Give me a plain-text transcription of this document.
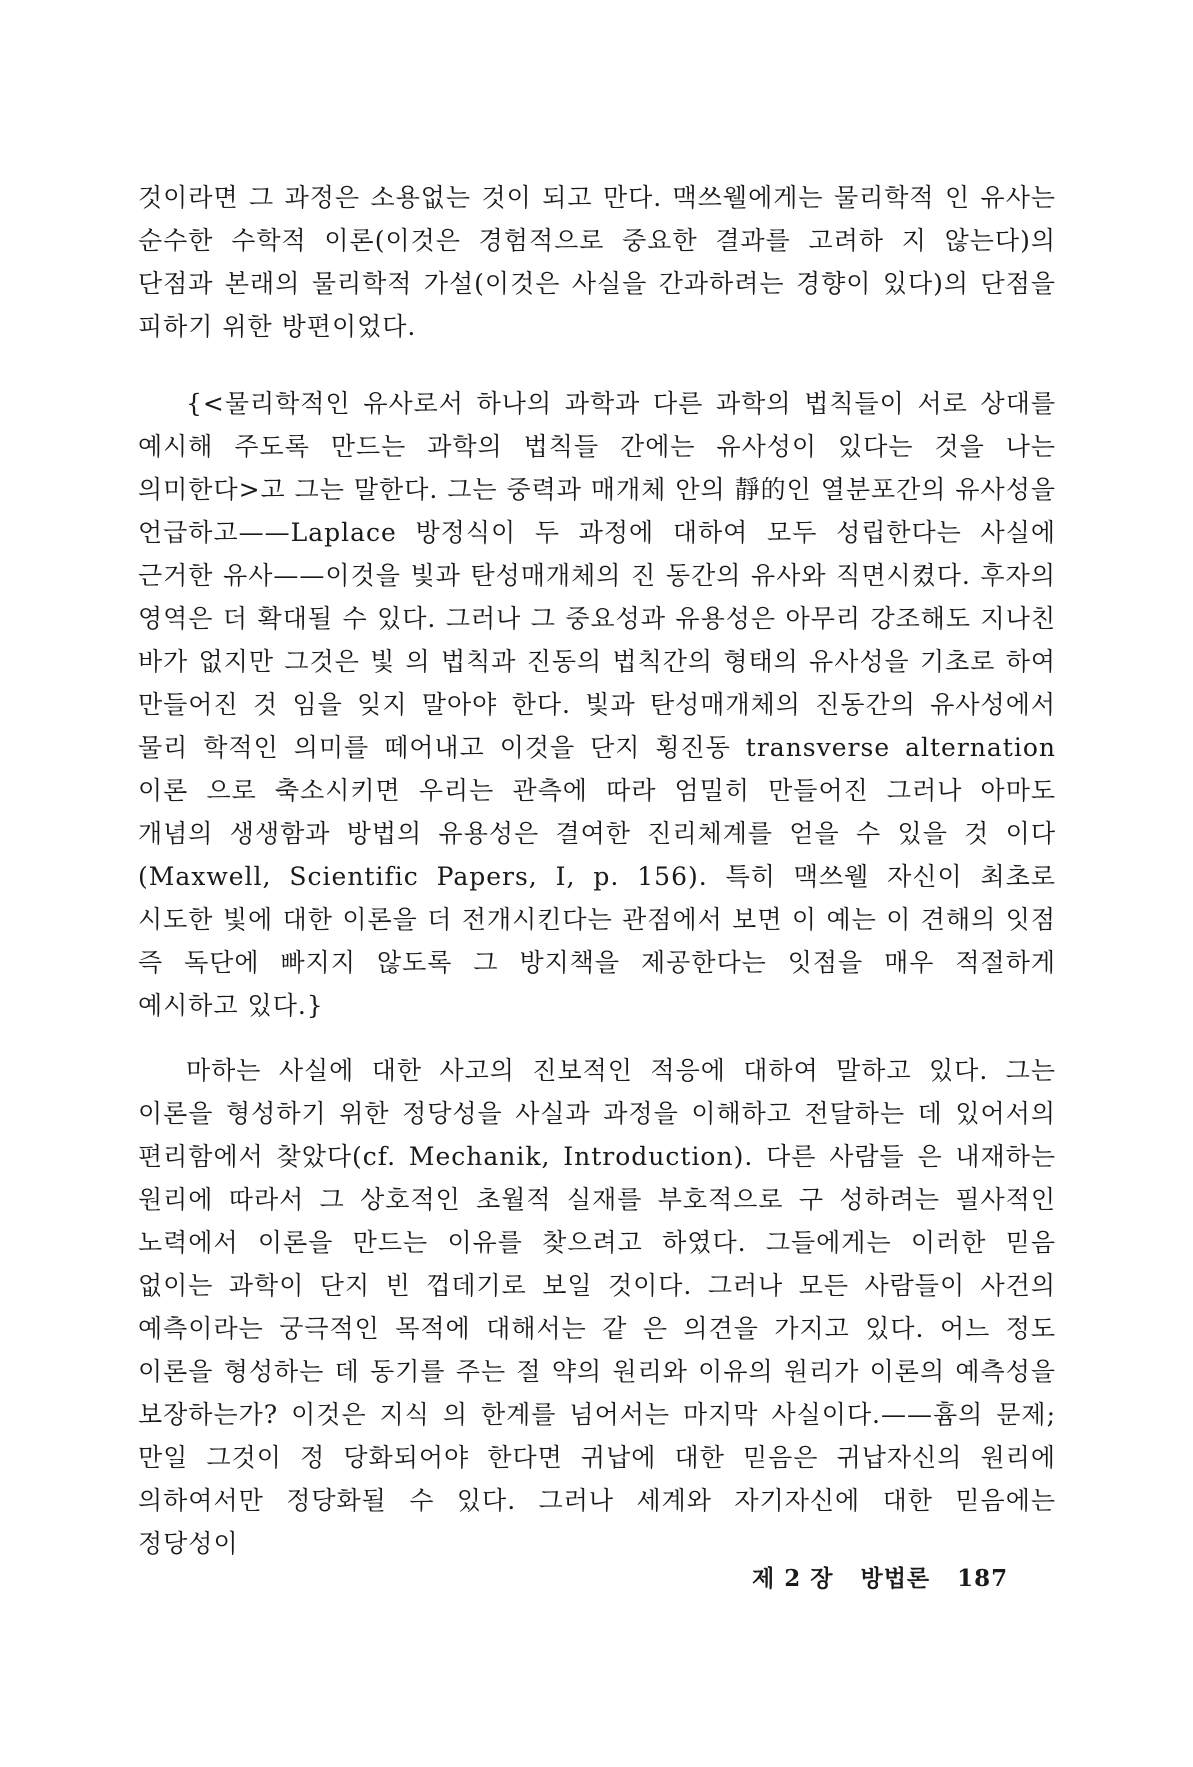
것이라면 그 과정은 소용없는 것이 되고 만다. 맥쓰웰에게는 물리학적 인 유사는 순수한 수학적 이론(이것은 경험적으로 중요한 결과를 고려하 지 않는다)의 단점과 본래의 물리학적 가설(이것은 사실을 간과하려는 경향이 있다)의 단점을 피하기 위한 방편이었다.

{<물리학적인 유사로서 하나의 과학과 다른 과학의 법칙들이 서로 상대를 예시해 주도록 만드는 과학의 법칙들 간에는 유사성이 있다는 것을 나는 의미한다>고 그는 말한다. 그는 중력과 매개체 안의 靜的인 열분포간의 유사성을 언급하고——Laplace 방정식이 두 과정에 대하여 모두 성립한다는 사실에 근거한 유사——이것을 빛과 탄성매개체의 진 동간의 유사와 직면시켰다. 후자의 영역은 더 확대될 수 있다. 그러나 그 중요성과 유용성은 아무리 강조해도 지나친 바가 없지만 그것은 빛 의 법칙과 진동의 법칙간의 형태의 유사성을 기초로 하여 만들어진 것 임을 잊지 말아야 한다. 빛과 탄성매개체의 진동간의 유사성에서 물리 학적인 의미를 떼어내고 이것을 단지 횡진동 transverse alternation 이론 으로 축소시키면 우리는 관측에 따라 엄밀히 만들어진 그러나 아마도 개념의 생생함과 방법의 유용성은 결여한 진리체계를 얻을 수 있을 것 이다(Maxwell, Scientific Papers, I, p. 156). 특히 맥쓰웰 자신이 최초로 시도한 빛에 대한 이론을 더 전개시킨다는 관점에서 보면 이 예는 이 견해의 잇점 즉 독단에 빠지지 않도록 그 방지책을 제공한다는 잇점을 매우 적절하게 예시하고 있다.}

마하는 사실에 대한 사고의 진보적인 적응에 대하여 말하고 있다. 그는 이론을 형성하기 위한 정당성을 사실과 과정을 이해하고 전달하는 데 있어서의 편리함에서 찾았다(cf. Mechanik, Introduction). 다른 사람들 은 내재하는 원리에 따라서 그 상호적인 초월적 실재를 부호적으로 구 성하려는 필사적인 노력에서 이론을 만드는 이유를 찾으려고 하였다. 그들에게는 이러한 믿음 없이는 과학이 단지 빈 껍데기로 보일 것이다. 그러나 모든 사람들이 사건의 예측이라는 궁극적인 목적에 대해서는 같 은 의견을 가지고 있다. 어느 정도 이론을 형성하는 데 동기를 주는 절 약의 원리와 이유의 원리가 이론의 예측성을 보장하는가? 이것은 지식 의 한계를 넘어서는 마지막 사실이다.——흄의 문제; 만일 그것이 정 당화되어야 한다면 귀납에 대한 믿음은 귀납자신의 원리에 의하여서만 정당화될 수 있다. 그러나 세계와 자기자신에 대한 믿음에는 정당성이

제 2 장 방법론 187
